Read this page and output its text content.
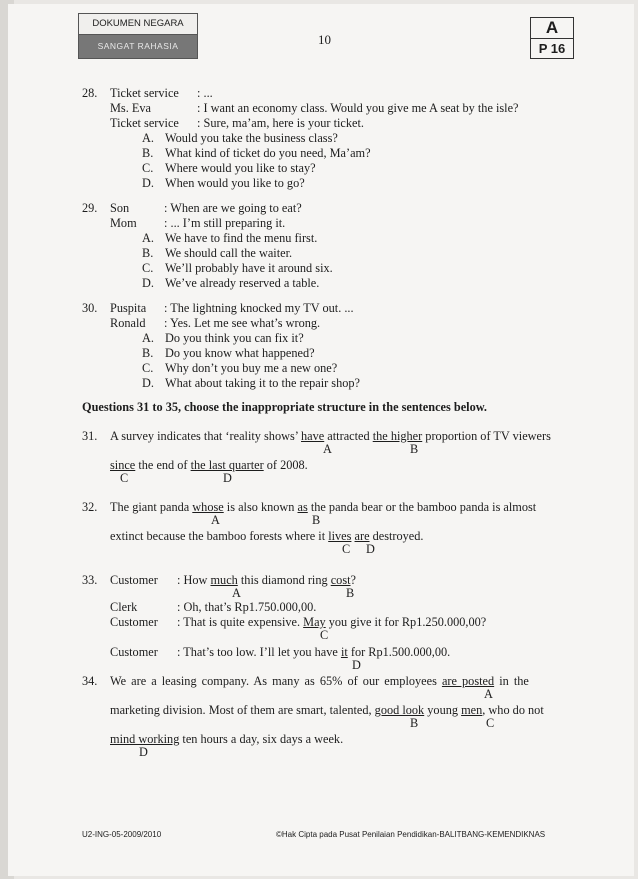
DOKUMEN NEGARA
SANGAT RAHASIA	10
A
P 16
28. Ticket service : ...
Ms. Eva	: I want an economy class. Would you give me A seat by the isle?
Ticket service : Sure, ma’am, here is your ticket.
A. Would you take the business class?
B. What kind of ticket do you need, Ma’am?
C. Where would you like to stay?
D. When would you like to go?
29. Son	: When are we going to eat?
Mom : ... I’m still preparing it.
A. We have to find the menu first.
B. We should call the waiter.
C. We’ll probably have it around six.
D. We’ve already reserved a table.
30. Puspita : The lightning knocked my TV out. ...
Ronald : Yes. Let me see what’s wrong.
A. Do you think you can fix it?
B. Do you know what happened?
C. Why don’t you buy me a new one?
D. What about taking it to the repair shop?
Questions 31 to 35, choose the inappropriate structure in the sentences below.
31. A survey indicates that ‘reality shows’ have attracted the higher proportion of TV viewers
A	B
since the end of the last quarter of 2008.
C	D
32. The giant panda whose is also known as the panda bear or the bamboo panda is almost
A	B
extinct because the bamboo forests where it lives are destroyed.
C D
33. Customer : How much this diamond ring cost?
A	B
Clerk	: Oh, that’s Rp1.750.000,00.
Customer : That is quite expensive. May you give it for Rp1.250.000,00?
C
Customer : That’s too low. I’ll let you have it for Rp1.500.000,00.
D
34. We are a leasing company. As many as 65% of our employees are posted in the
A
marketing division. Most of them are smart, talented, good look young men, who do not
B	C
mind working ten hours a day, six days a week.
D
U2-ING-05-2009/2010	©Hak Cipta pada Pusat Penilaian Pendidikan-BALITBANG-KEMENDIKNAS
